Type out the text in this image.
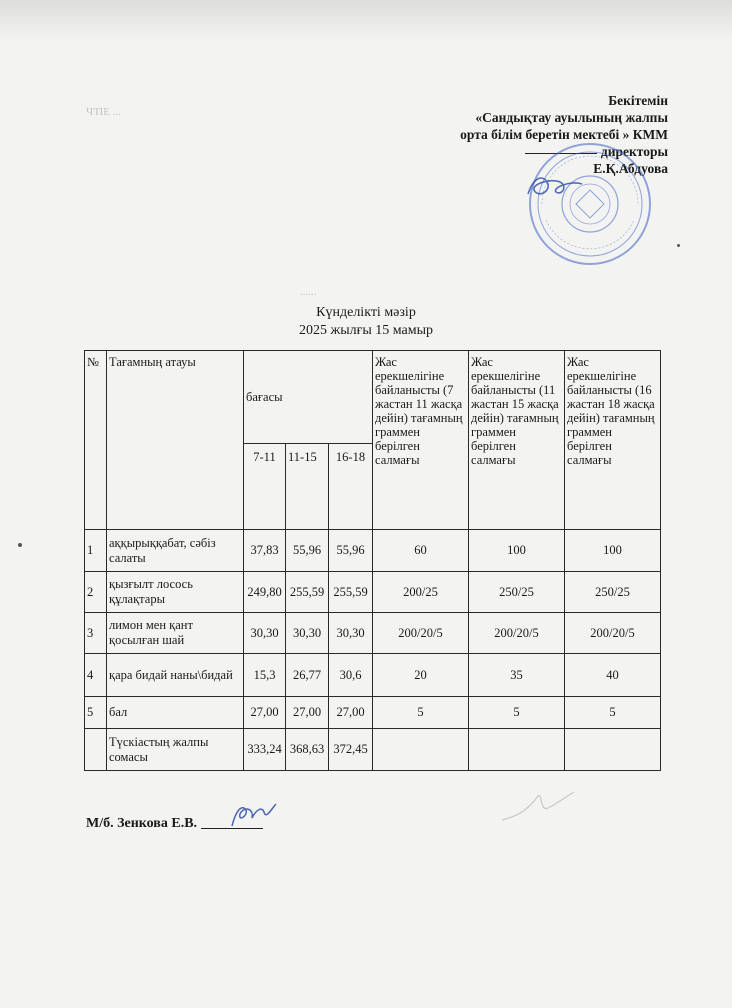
Ч'ПЕ ...
......
Бекітемін
«Сандықтау ауылының жалпы
орта білім беретін мектебі » КММ
директоры
Е.Қ.Абдуова
Күнделікті мәзір
2025 жылғы 15 мамыр
№	Тағамның атауы	бағасы			Жас ерекшелігіне байланысты (7 жастан 11 жасқа дейін) тағамның граммен берілген салмағы	Жас ерекшелігіне байланысты (11 жастан 15 жасқа дейін) тағамның граммен берілген салмағы	Жас ерекшелігіне байланысты (16 жастан 18 жасқа дейін) тағамның граммен берілген салмағы
		7-11	11-15	16-18			
1	аққырыққабат, сәбіз салаты	37,83	55,96	55,96	60	100	100
2	қызғылт лосось құлақтары	249,80	255,59	255,59	200/25	250/25	250/25
3	лимон мен қант қосылған шай	30,30	30,30	30,30	200/20/5	200/20/5	200/20/5
4	қара бидай наны\бидай	15,3	26,77	30,6	20	35	40
5	бал	27,00	27,00	27,00	5	5	5
	Түскіастың жалпы сомасы	333,24	368,63	372,45			
М/б. Зенкова Е.В.
